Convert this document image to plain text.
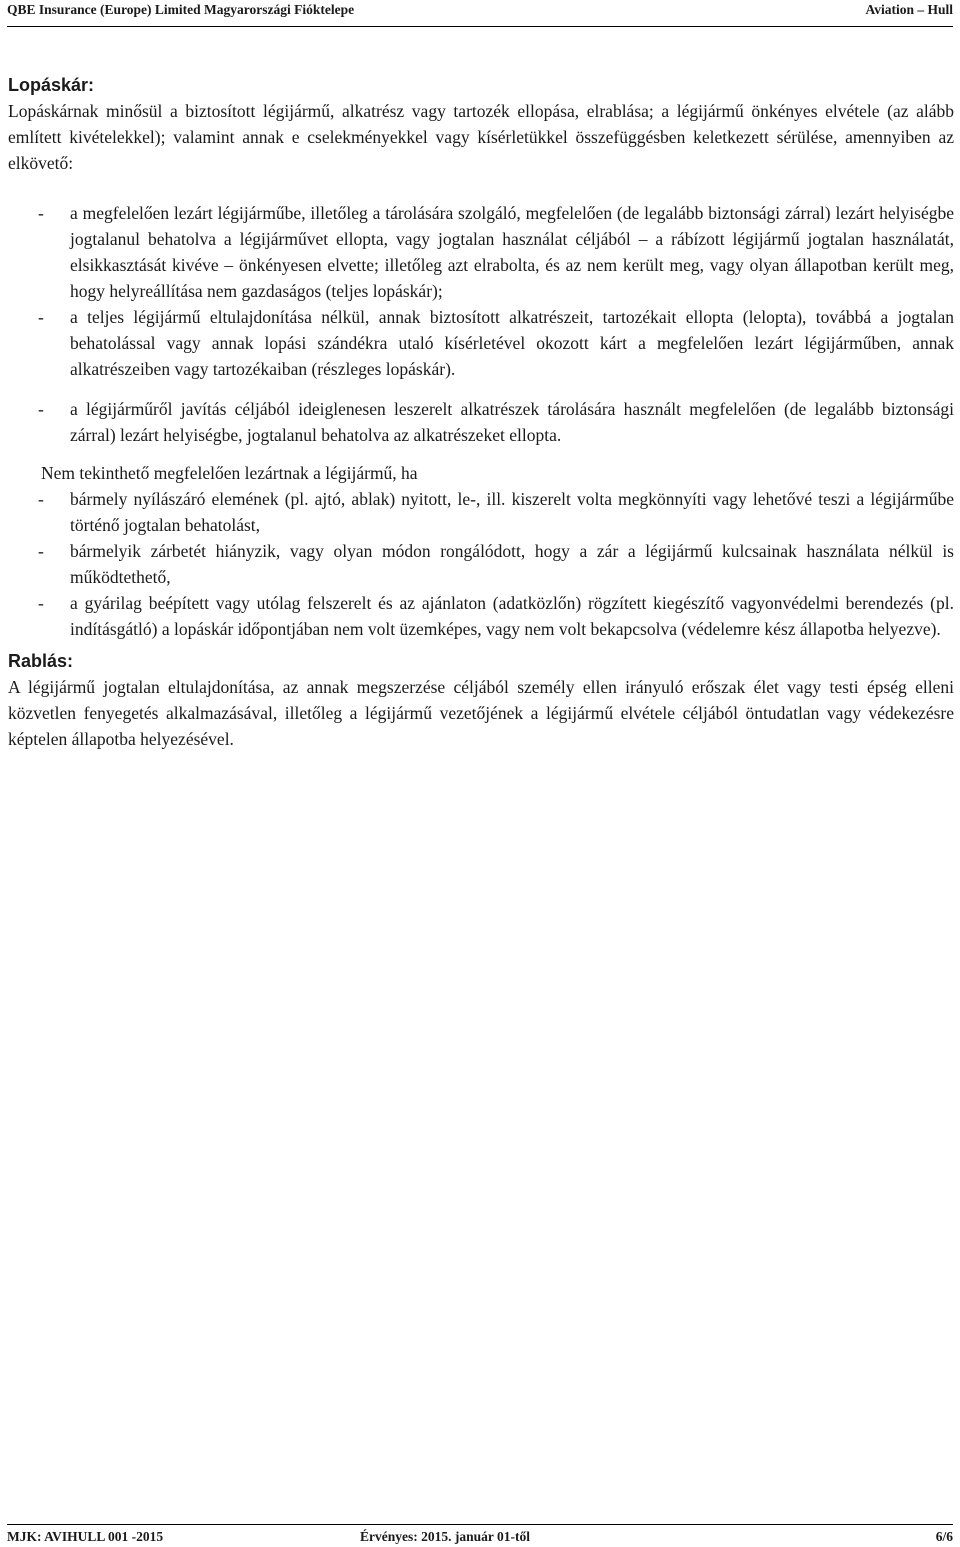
QBE Insurance (Europe) Limited Magyarországi Fióktelepe	Aviation – Hull
Lopáskár:

Lopáskárnak minősül a biztosított légijármű, alkatrész vagy tartozék ellopása, elrablása; a légijármű önkényes elvétele (az alább említett kivételekkel); valamint annak e cselekményekkel vagy kísérletükkel összefüggésben keletkezett sérülése, amennyiben az elkövető:

- a megfelelően lezárt légijárműbe, illetőleg a tárolására szolgáló, megfelelően (de legalább biztonsági zárral) lezárt helyiségbe jogtalanul behatolva a légijárművet ellopta, vagy jogtalan használat céljából – a rábízott légijármű jogtalan használatát, elsikkasztását kivéve – önkényesen elvette; illetőleg azt elrabolta, és az nem került meg, vagy olyan állapotban került meg, hogy helyreállítása nem gazdaságos (teljes lopáskár);
- a teljes légijármű eltulajdonítása nélkül, annak biztosított alkatrészeit, tartozékait ellopta (lelopta), továbbá a jogtalan behatolással vagy annak lopási szándékra utaló kísérletével okozott kárt a megfelelően lezárt légijárműben, annak alkatrészeiben vagy tartozékaiban (részleges lopáskár).
- a légijárműről javítás céljából ideiglenesen leszerelt alkatrészek tárolására használt megfelelően (de legalább biztonsági zárral) lezárt helyiségbe, jogtalanul behatolva az alkatrészeket ellopta.

Nem tekinthető megfelelően lezártnak a légijármű, ha

- bármely nyílászáró elemének (pl. ajtó, ablak) nyitott, le-, ill. kiszerelt volta megkönnyíti vagy lehetővé teszi a légijárműbe történő jogtalan behatolást,
- bármelyik zárbetét hiányzik, vagy olyan módon rongálódott, hogy a zár a légijármű kulcsainak használata nélkül is működtethető,
- a gyárilag beépített vagy utólag felszerelt és az ajánlaton (adatközlőn) rögzített kiegészítő vagyonvédelmi berendezés (pl. indításgátló) a lopáskár időpontjában nem volt üzemképes, vagy nem volt bekapcsolva (védelemre kész állapotba helyezve).
Rablás:

A légijármű jogtalan eltulajdonítása, az annak megszerzése céljából személy ellen irányuló erőszak élet vagy testi épség elleni közvetlen fenyegetés alkalmazásával, illetőleg a légijármű vezetőjének a légijármű elvétele céljából öntudatlan vagy védekezésre képtelen állapotba helyezésével.

MJK: AVIHULL 001 -2015	Érvényes: 2015. január 01-től	6/6
